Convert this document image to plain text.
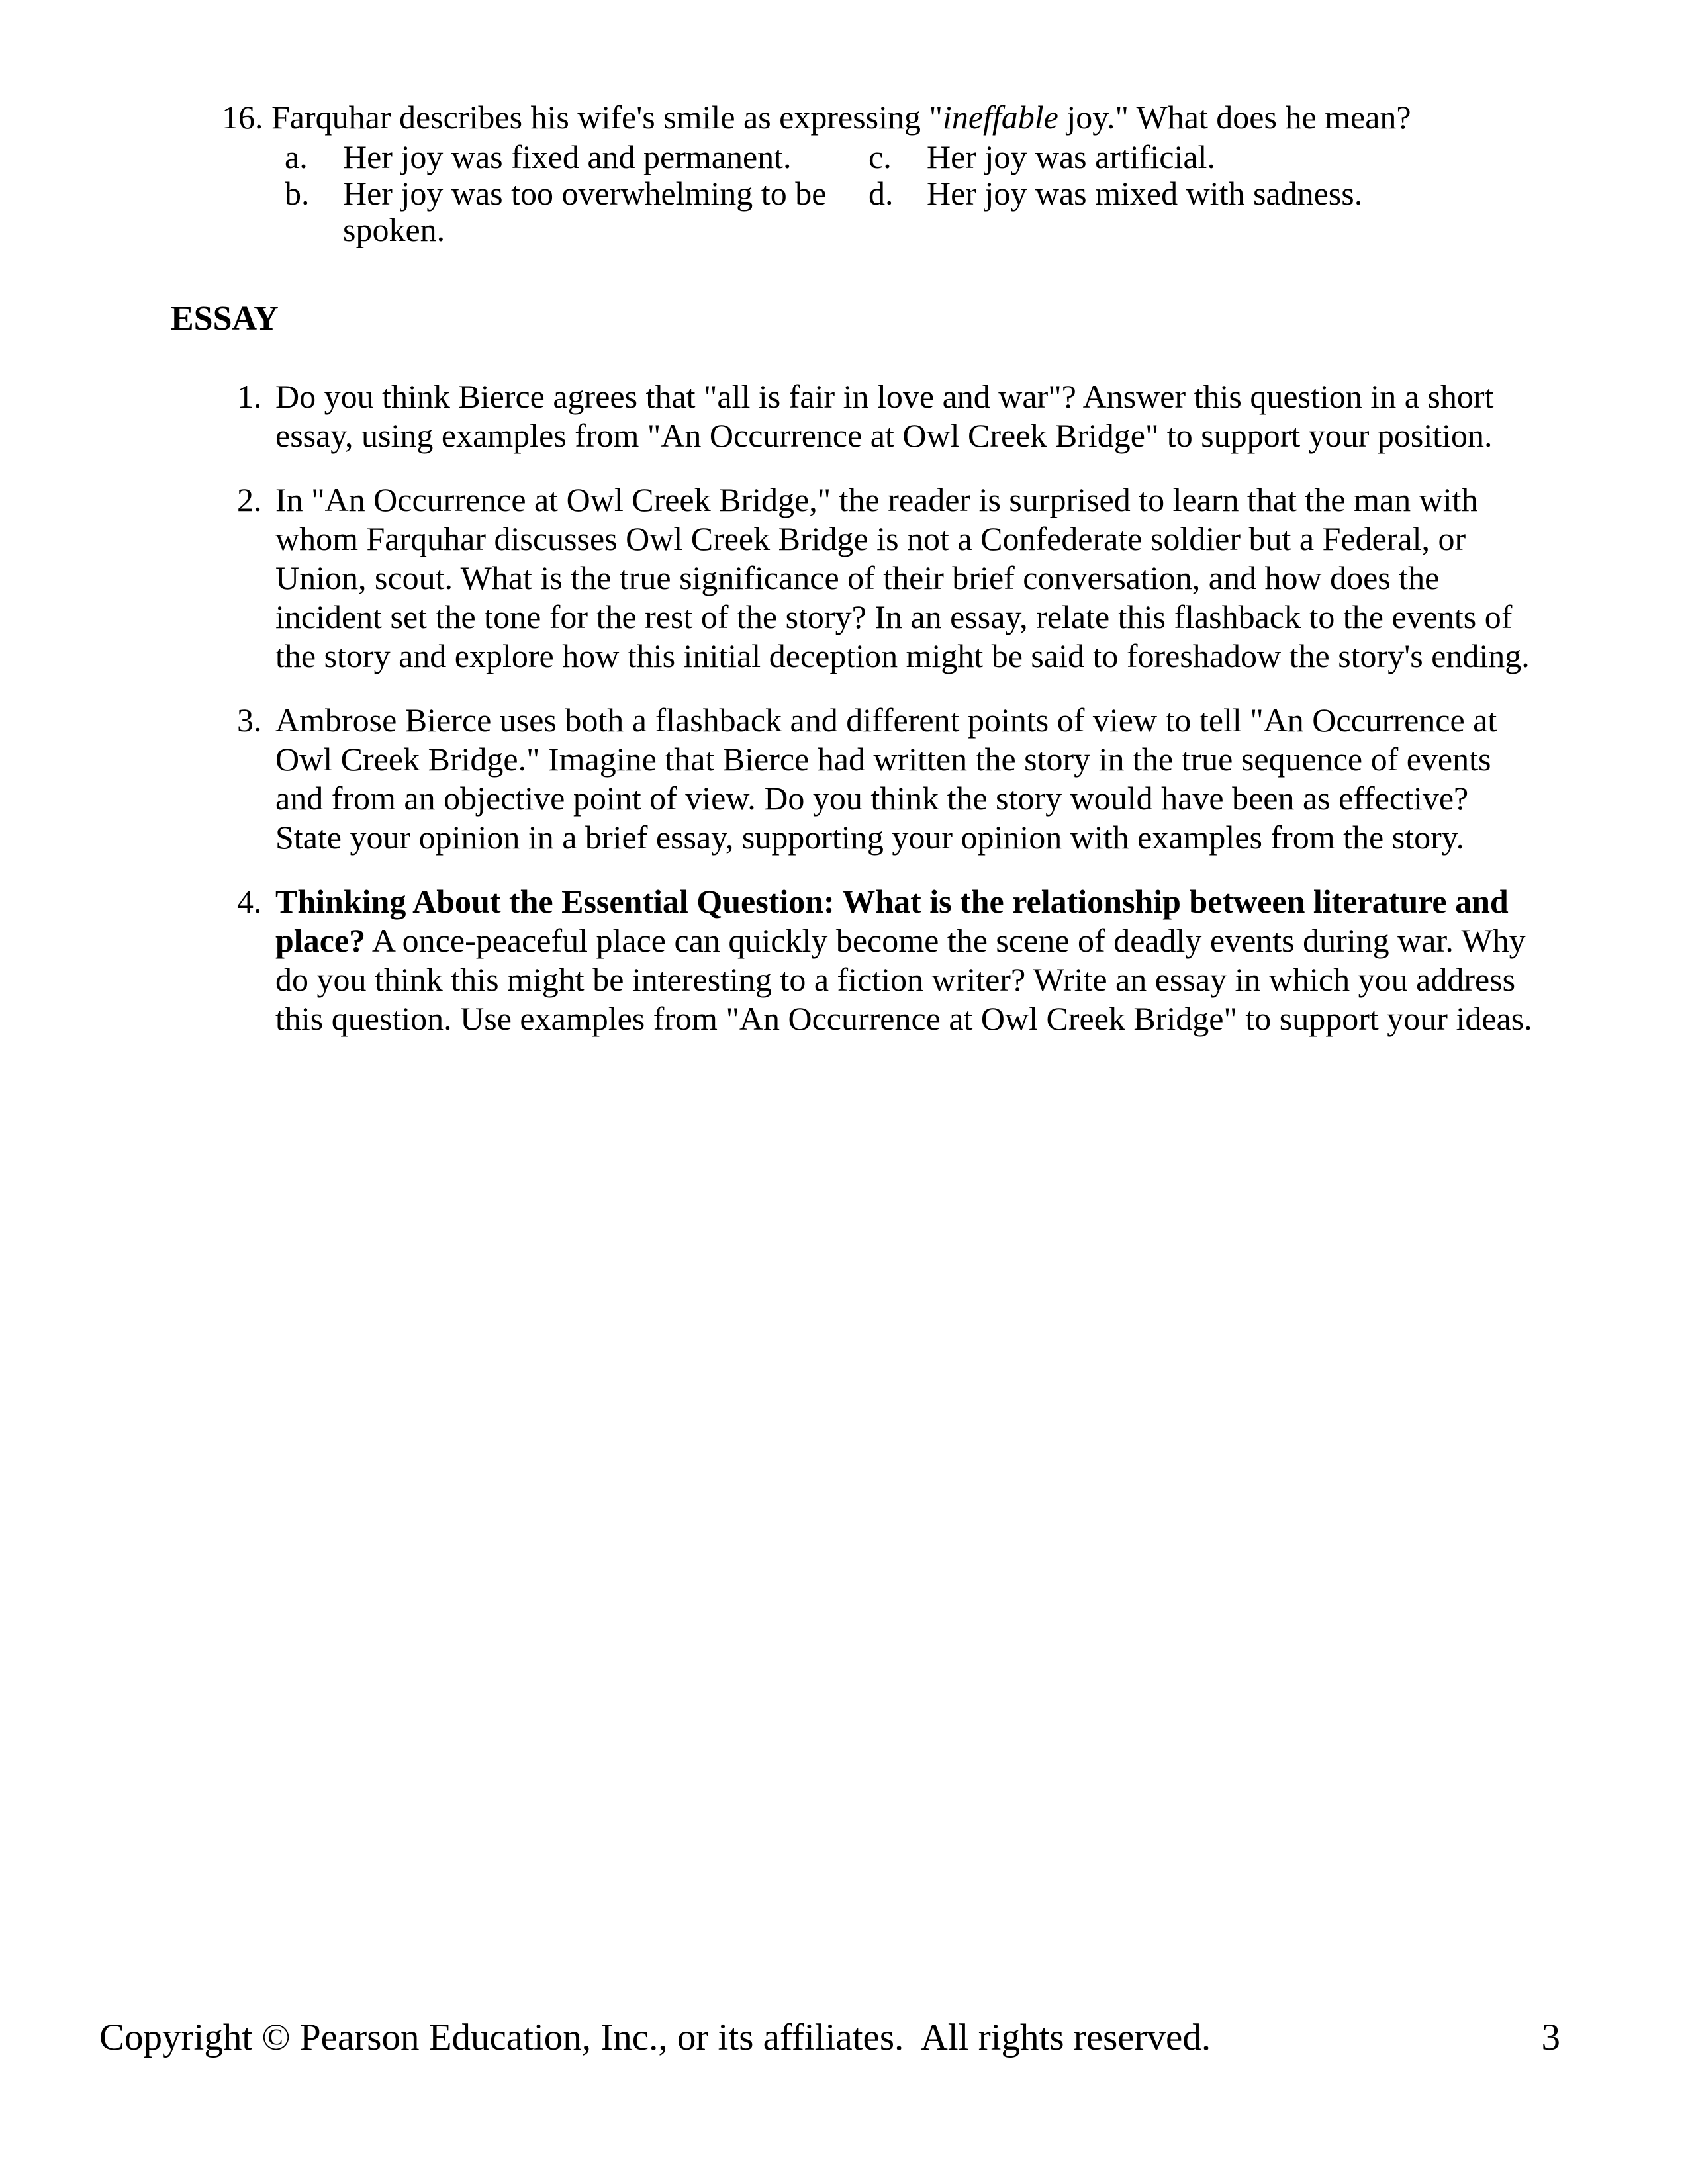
16. Farquhar describes his wife's smile as expressing "ineffable joy." What does he mean?

a.	Her joy was fixed and permanent.
b.	Her joy was too overwhelming to be spoken.
c.	Her joy was artificial.
d.	Her joy was mixed with sadness.
ESSAY
1. Do you think Bierce agrees that "all is fair in love and war"? Answer this question in a short essay, using examples from "An Occurrence at Owl Creek Bridge" to support your position.
2. In "An Occurrence at Owl Creek Bridge," the reader is surprised to learn that the man with whom Farquhar discusses Owl Creek Bridge is not a Confederate soldier but a Federal, or Union, scout. What is the true significance of their brief conversation, and how does the incident set the tone for the rest of the story? In an essay, relate this flashback to the events of the story and explore how this initial deception might be said to foreshadow the story's ending.
3. Ambrose Bierce uses both a flashback and different points of view to tell "An Occurrence at Owl Creek Bridge." Imagine that Bierce had written the story in the true sequence of events and from an objective point of view. Do you think the story would have been as effective? State your opinion in a brief essay, supporting your opinion with examples from the story.
4. Thinking About the Essential Question: What is the relationship between literature and place? A once-peaceful place can quickly become the scene of deadly events during war. Why do you think this might be interesting to a fiction writer? Write an essay in which you address this question. Use examples from "An Occurrence at Owl Creek Bridge" to support your ideas.
Copyright © Pearson Education, Inc., or its affiliates.  All rights reserved.	3
